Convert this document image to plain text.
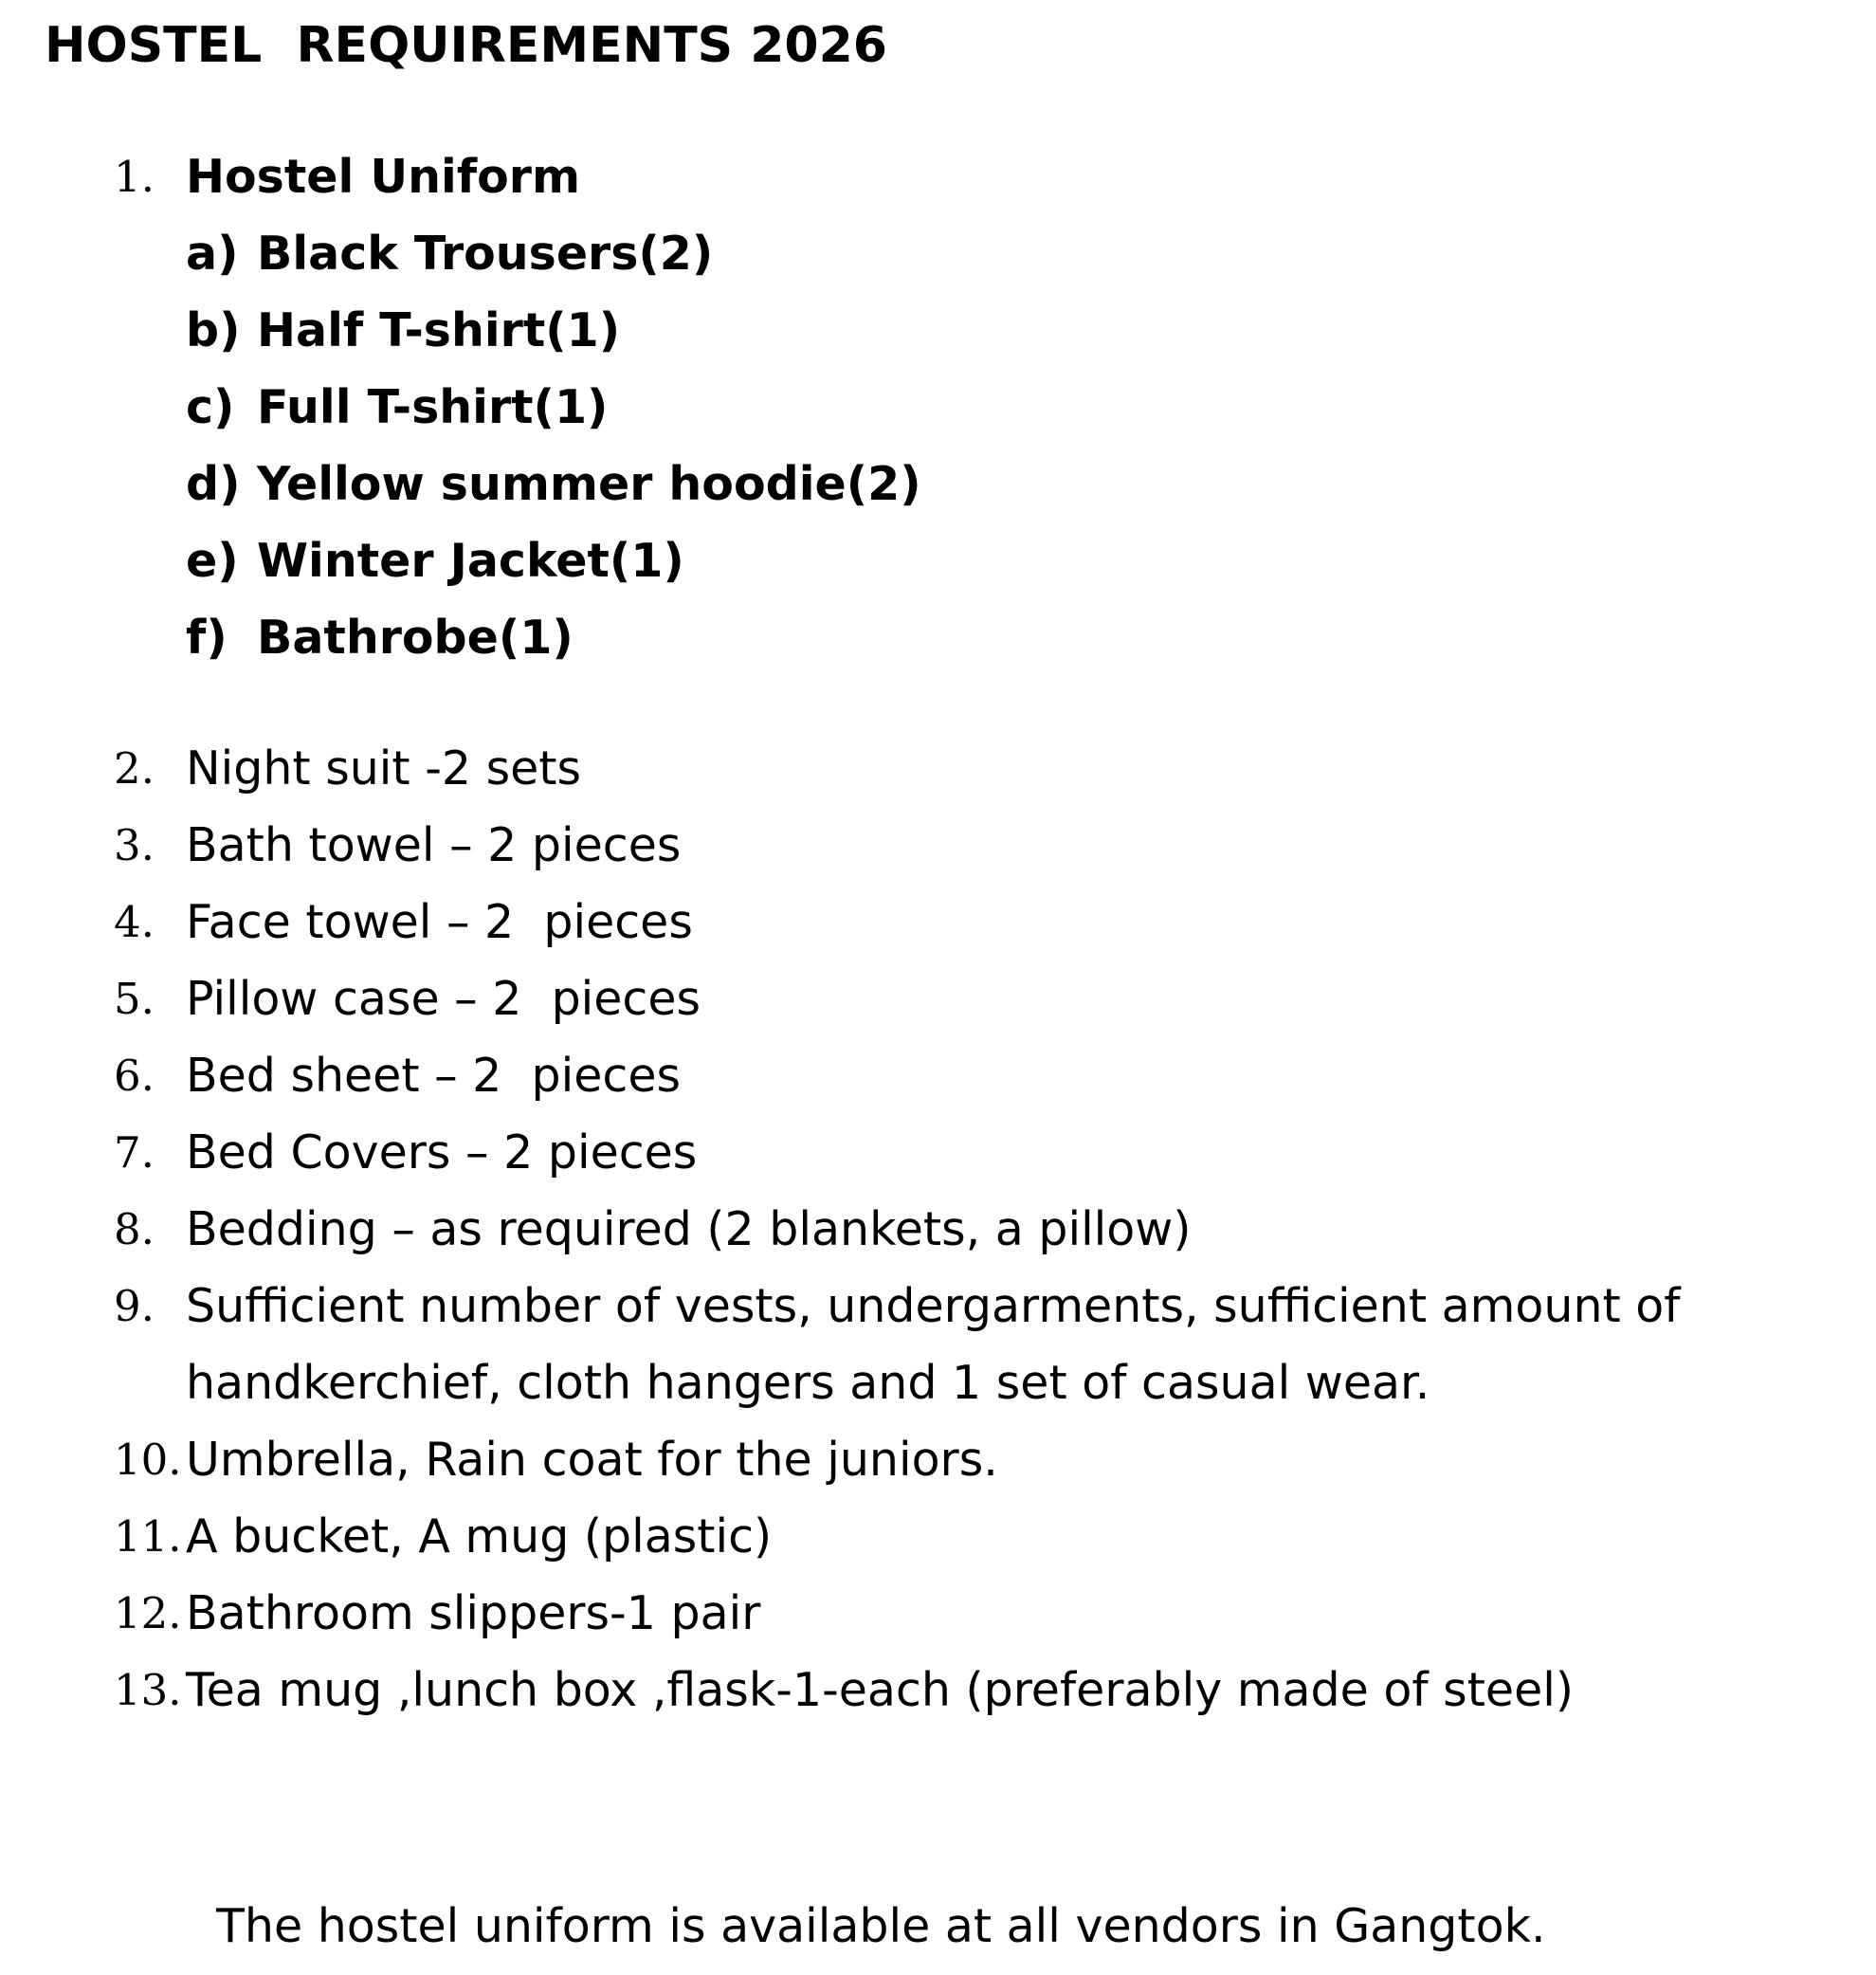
HOSTEL  REQUIREMENTS 2026
1. Hostel Uniform
a) Black Trousers(2)
b) Half T-shirt(1)
c) Full T-shirt(1)
d) Yellow summer hoodie(2)
e) Winter Jacket(1)
f) Bathrobe(1)
2. Night suit -2 sets
3. Bath towel – 2 pieces
4. Face towel – 2  pieces
5. Pillow case – 2  pieces
6. Bed sheet – 2  pieces
7. Bed Covers – 2 pieces
8. Bedding – as required (2 blankets, a pillow)
9. Sufficient number of vests, undergarments, sufficient amount of
handkerchief, cloth hangers and 1 set of casual wear.
10. Umbrella, Rain coat for the juniors.
11. A bucket, A mug (plastic)
12. Bathroom slippers-1 pair
13. Tea mug ,lunch box ,flask-1-each (preferably made of steel)
The hostel uniform is available at all vendors in Gangtok.
